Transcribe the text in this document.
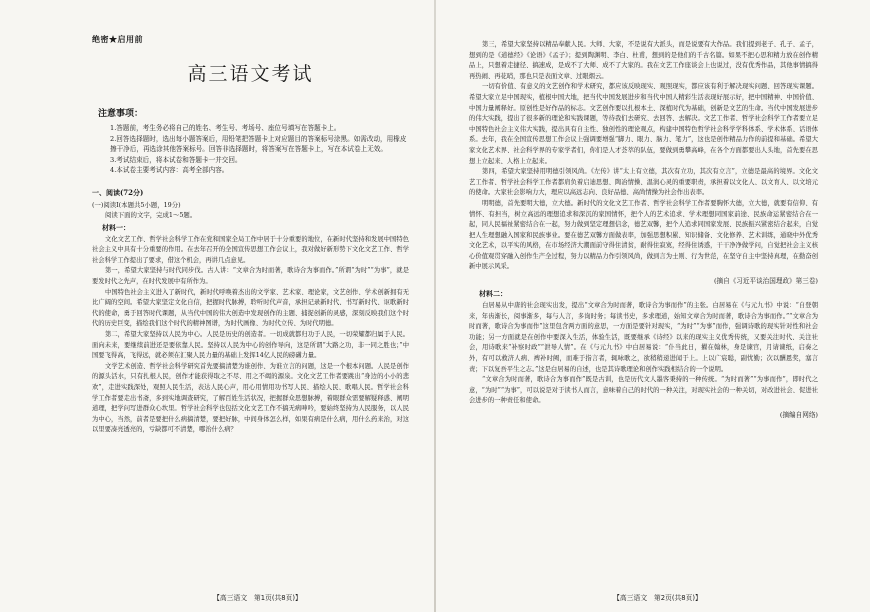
绝密★启用前

高三语文考试
注意事项：

1.答题前，考生务必将自己的姓名、考生号、考场号、座位号填写在答题卡上。

2.回答选择题时，选出每小题答案后，用铅笔把答题卡上对应题目的答案标号涂黑。如需改动，用橡皮擦干净后，再选涂其他答案标号。回答非选择题时，将答案写在答题卡上，写在本试卷上无效。

3.考试结束后，将本试卷和答题卡一并交回。

4.本试卷主要考试内容：高考全部内容。

一、阅读(72分)

(一)阅读Ⅰ(本题共5小题，19分)

阅读下面的文字，完成1～5题。

材料一：

文化文艺工作、哲学社会科学工作在党和国家全局工作中居于十分重要的地位，在新时代坚持和发展中国特色社会主义中具有十分重要的作用。在去年召开的全国宣传思想工作会议上，我对做好新形势下文化文艺工作、哲学社会科学工作提出了要求，借这个机会，再讲几点意见。

第一，希望大家坚持与时代同步伐。古人讲：“文章合为时而著，歌诗合为事而作。”所谓“为时”“为事”，就是要发时代之先声，在时代发展中有所作为。

中国特色社会主义进入了新时代，新时代呼唤着杰出的文学家、艺术家、理论家，文艺创作、学术创新拥有无比广阔的空间。希望大家坚定文化自信，把握时代脉搏，聆听时代声音，承担记录新时代、书写新时代、讴歌新时代的使命，勇于回答时代课题，从当代中国的伟大创造中发现创作的主题、捕捉创新的灵感，深刻反映我们这个时代的历史巨变，描绘我们这个时代的精神图谱，为时代画像、为时代立传、为时代明德。

第二，希望大家坚持以人民为中心。人民是历史的创造者。一切成就都归功于人民，一切荣耀都归属于人民。面向未来，要继续前进还是要依靠人民。坚持以人民为中心的创作导向，这是所谓“大路之功，非一同之胜也；”中国要飞得高，飞得远，就必须在汇聚人民力量的基础上发挥14亿人民的磅礴力量。

文学艺术创造、哲学社会科学研究首先要搞清楚为谁创作、为谁立言的问题，这是一个根本问题。人民是创作的源头活水，只有扎根人民，创作才能获得取之不尽、用之不竭的源泉。文化文艺工作者要跳出“身边的小小的悲欢”，走进实践深处，观照人民生活，表达人民心声，用心用情用功书写人民、描绘人民、歌唱人民。哲学社会科学工作者要走出书斋，多到实地调查研究，了解百姓生活状况，把握群众思想脉搏，着眼群众需要解疑释惑、阐明道理，把学问写进群众心坎里。哲学社会科学也包括文化文艺工作不搞无病呻吟，要始终坚持为人民服务，以人民为中心，当然，前者是要把什么病搞清楚，要把好脉，中间身体怎么样，如果有病是什么病，用什么药来治，对这以里要凑亮透亮的，亏缺都可不清楚，哪治什么病？

【高三语文　第1页(共8页)】

第三，希望大家坚持以精品奉献人民。大师、大家，不是说有大派头，而是说要有大作品。我们提到老子、孔子、孟子，想到的是《道德经》《论语》《孟子》；提到陶渊明、李白、杜甫，想到的是他们的千古名篇。如果不把心思和精力放在创作精品上，只想着走捷径、搞速成，是成不了大师、成不了大家的。我在文艺工作座谈会上也说过，没有优秀作品，其他事情搞得再热闹、再花哨，那也只是表面文章、过眼烟云。

一切有价值、有意义的文艺创作和学术研究，都应该反映现实、观照现实，都应该有利于解决现实问题、回答现实课题。希望大家立足中国现实，植根中国大地，把当代中国发展进步和当代中国人精彩生活表现好展示好，把中国精神、中国价值、中国力量阐释好。原创性是好作品的标志。文艺创作要以扎根本土、深植时代为基础，创新是文艺的生命。当代中国发展进步的伟大实践，提出了很多新的理论和实践课题，等待我们去研究、去回答、去解决。文艺工作者、哲学社会科学工作者要立足中国特色社会主义伟大实践，提出具有自主性、独创性的理论观点，构建中国特色哲学社会科学学科体系、学术体系、话语体系。去年，我在全国宣传思想工作会议上强调要增强“脚力、眼力、脑力、笔力”，这也是创作精品力作的前提和基础。希望大家文化艺术界、社会科学界的专家学者们，你们是人才荟萃的队伍，要做到勇攀高峰，在各个方面都要出人头地，首先要在思想上立起来、人格上立起来。

第四，希望大家坚持用明德引领风尚。《左传》讲“太上有立德，其次有立功，其次有立言”，立德是最高的境界。文化文艺工作者、哲学社会科学工作者都肩负着启迪思想、陶冶情操、温润心灵的重要职责，承担着以文化人、以文育人、以文培元的使命。大家社会影响力大，理应以高远志向、良好品德、高尚情操为社会作出表率。

明明德，首先要明大德，立大德。新时代的文化文艺工作者、哲学社会科学工作者要胸怀大德，立大德，就要有信仰、有情怀、有担当，树立高远的理想追求和深沉的家国情怀，把个人的艺术追求、学术理想同国家前途、民族命运紧密结合在一起，同人民福祉紧密结合在一起，努力做到坚定理想信念，德艺双馨，把个人追求同国家发展、民族振兴紧密结合起来，自觉把人生理想融入国家和民族事业。要在德艺双馨方面做表率，加强思想积累、知识储备、文化修养、艺术训练，通晓中外优秀文化艺术，以平实的风格，在市场经济大潮面前守得住清贫，耐得住寂寞，经得住诱惑，干干净净做学问，自觉把社会主义核心价值观贯穿融入创作生产全过程，努力以精品力作引领风尚，做到言为士则、行为世范，在坚守自主中坚持真理，在勤奋创新中展示风采。

(摘自《习近平谈治国理政》第三卷)

材料二：

白居易从中唐的社会现实出发，提出“文章合为时而著，歌诗合为事而作”的主张。白居易在《与元九书》中说：“自登朝来，年齿渐长，阅事渐多，每与人言，多询时务；每读书史，多求理道，始知文章合为时而著，歌诗合为事而作。”“文章合为时而著，歌诗合为事而作”这里包含两方面的意思，一方面是要针对现实，“为时”“为事”而作，强调诗歌的现实针对性和社会功能；另一方面就是在创作中要深入生活，体验生活，既要继承《诗经》以来的现实主义优秀传统，又要关注时代、关注社会，用诗歌来“补察时政”“泄导人情”。在《与元九书》中白居易说：“仆当此日，擢在翰林，身是谏官，月请谏纸，启奏之外，有可以救济人病、裨补时阙，而难于指言者，辄咏歌之，欲稍稍递进闻于上。上以广宸聪，副忧勤；次以酬恩奖，塞言责；下以复吾平生之志。”这是白居易的自述，也是其诗歌理论和创作实践相结合的一个说明。

“文章合为时而著，歌诗合为事而作”既是古训，也是历代文人墨客秉持的一种传统。“为时而著”“为事而作”，即时代之意，“为时”“为事”，可以说是对于读书人而言，意味着自己的时代的一种关注，对现实社会的一种关切，对改进社会、促进社会进步的一种责任和使命。

(摘编自网络)

【高三语文　第2页(共8页)】
